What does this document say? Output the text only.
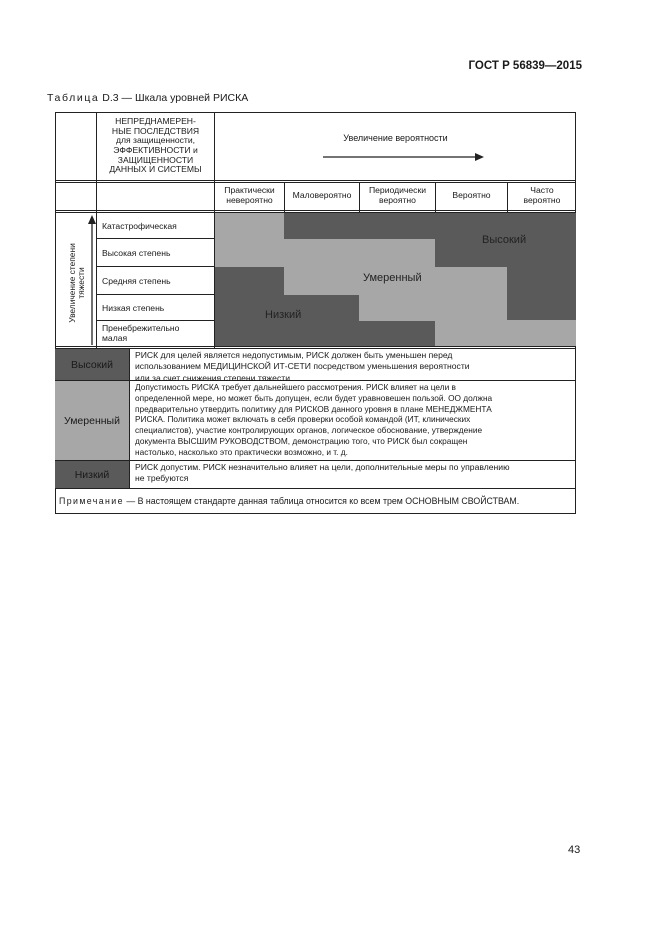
ГОСТ Р 56839—2015
Таблица D.3 — Шкала уровней РИСКА
НЕПРЕДНАМЕРЕН-
НЫЕ ПОСЛЕДСТВИЯ
для защищенности,
ЭФФЕКТИВНОСТИ и
ЗАЩИЩЕННОСТИ
ДАННЫХ И СИСТЕМЫ
Увеличение вероятности
Практически
невероятно Маловероятно Периодически
вероятно	Вероятно	Часто
вероятно
Увеличение степени тяжести
Катастрофическая
Высокая степень
Средняя степень
Низкая степень
Пренебрежительно
малая
Высокий
Умеренный
Низкий
Высокий
РИСК для целей является недопустимым, РИСК должен быть уменьшен перед
использованием МЕДИЦИНСКОЙ ИТ-СЕТИ посредством уменьшения вероятности
или за счет снижения степени тяжести
Умеренный
Допустимость РИСКА требует дальнейшего рассмотрения. РИСК влияет на цели в
определенной мере, но может быть допущен, если будет уравновешен пользой. ОО должна
предварительно утвердить политику для РИСКОВ данного уровня в плане МЕНЕДЖМЕНТА
РИСКА. Политика может включать в себя проверки особой командой (ИТ, клинических
специалистов), участие контролирующих органов, логическое обоснование, утверждение
документа ВЫСШИМ РУКОВОДСТВОМ, демонстрацию того, что РИСК был сокращен
настолько, насколько это практически возможно, и т. д.
Низкий
РИСК допустим. РИСК незначительно влияет на цели, дополнительные меры по управлению
не требуются
Примечание — В настоящем стандарте данная таблица относится ко всем трем ОСНОВНЫМ СВОЙСТВАМ.
43
